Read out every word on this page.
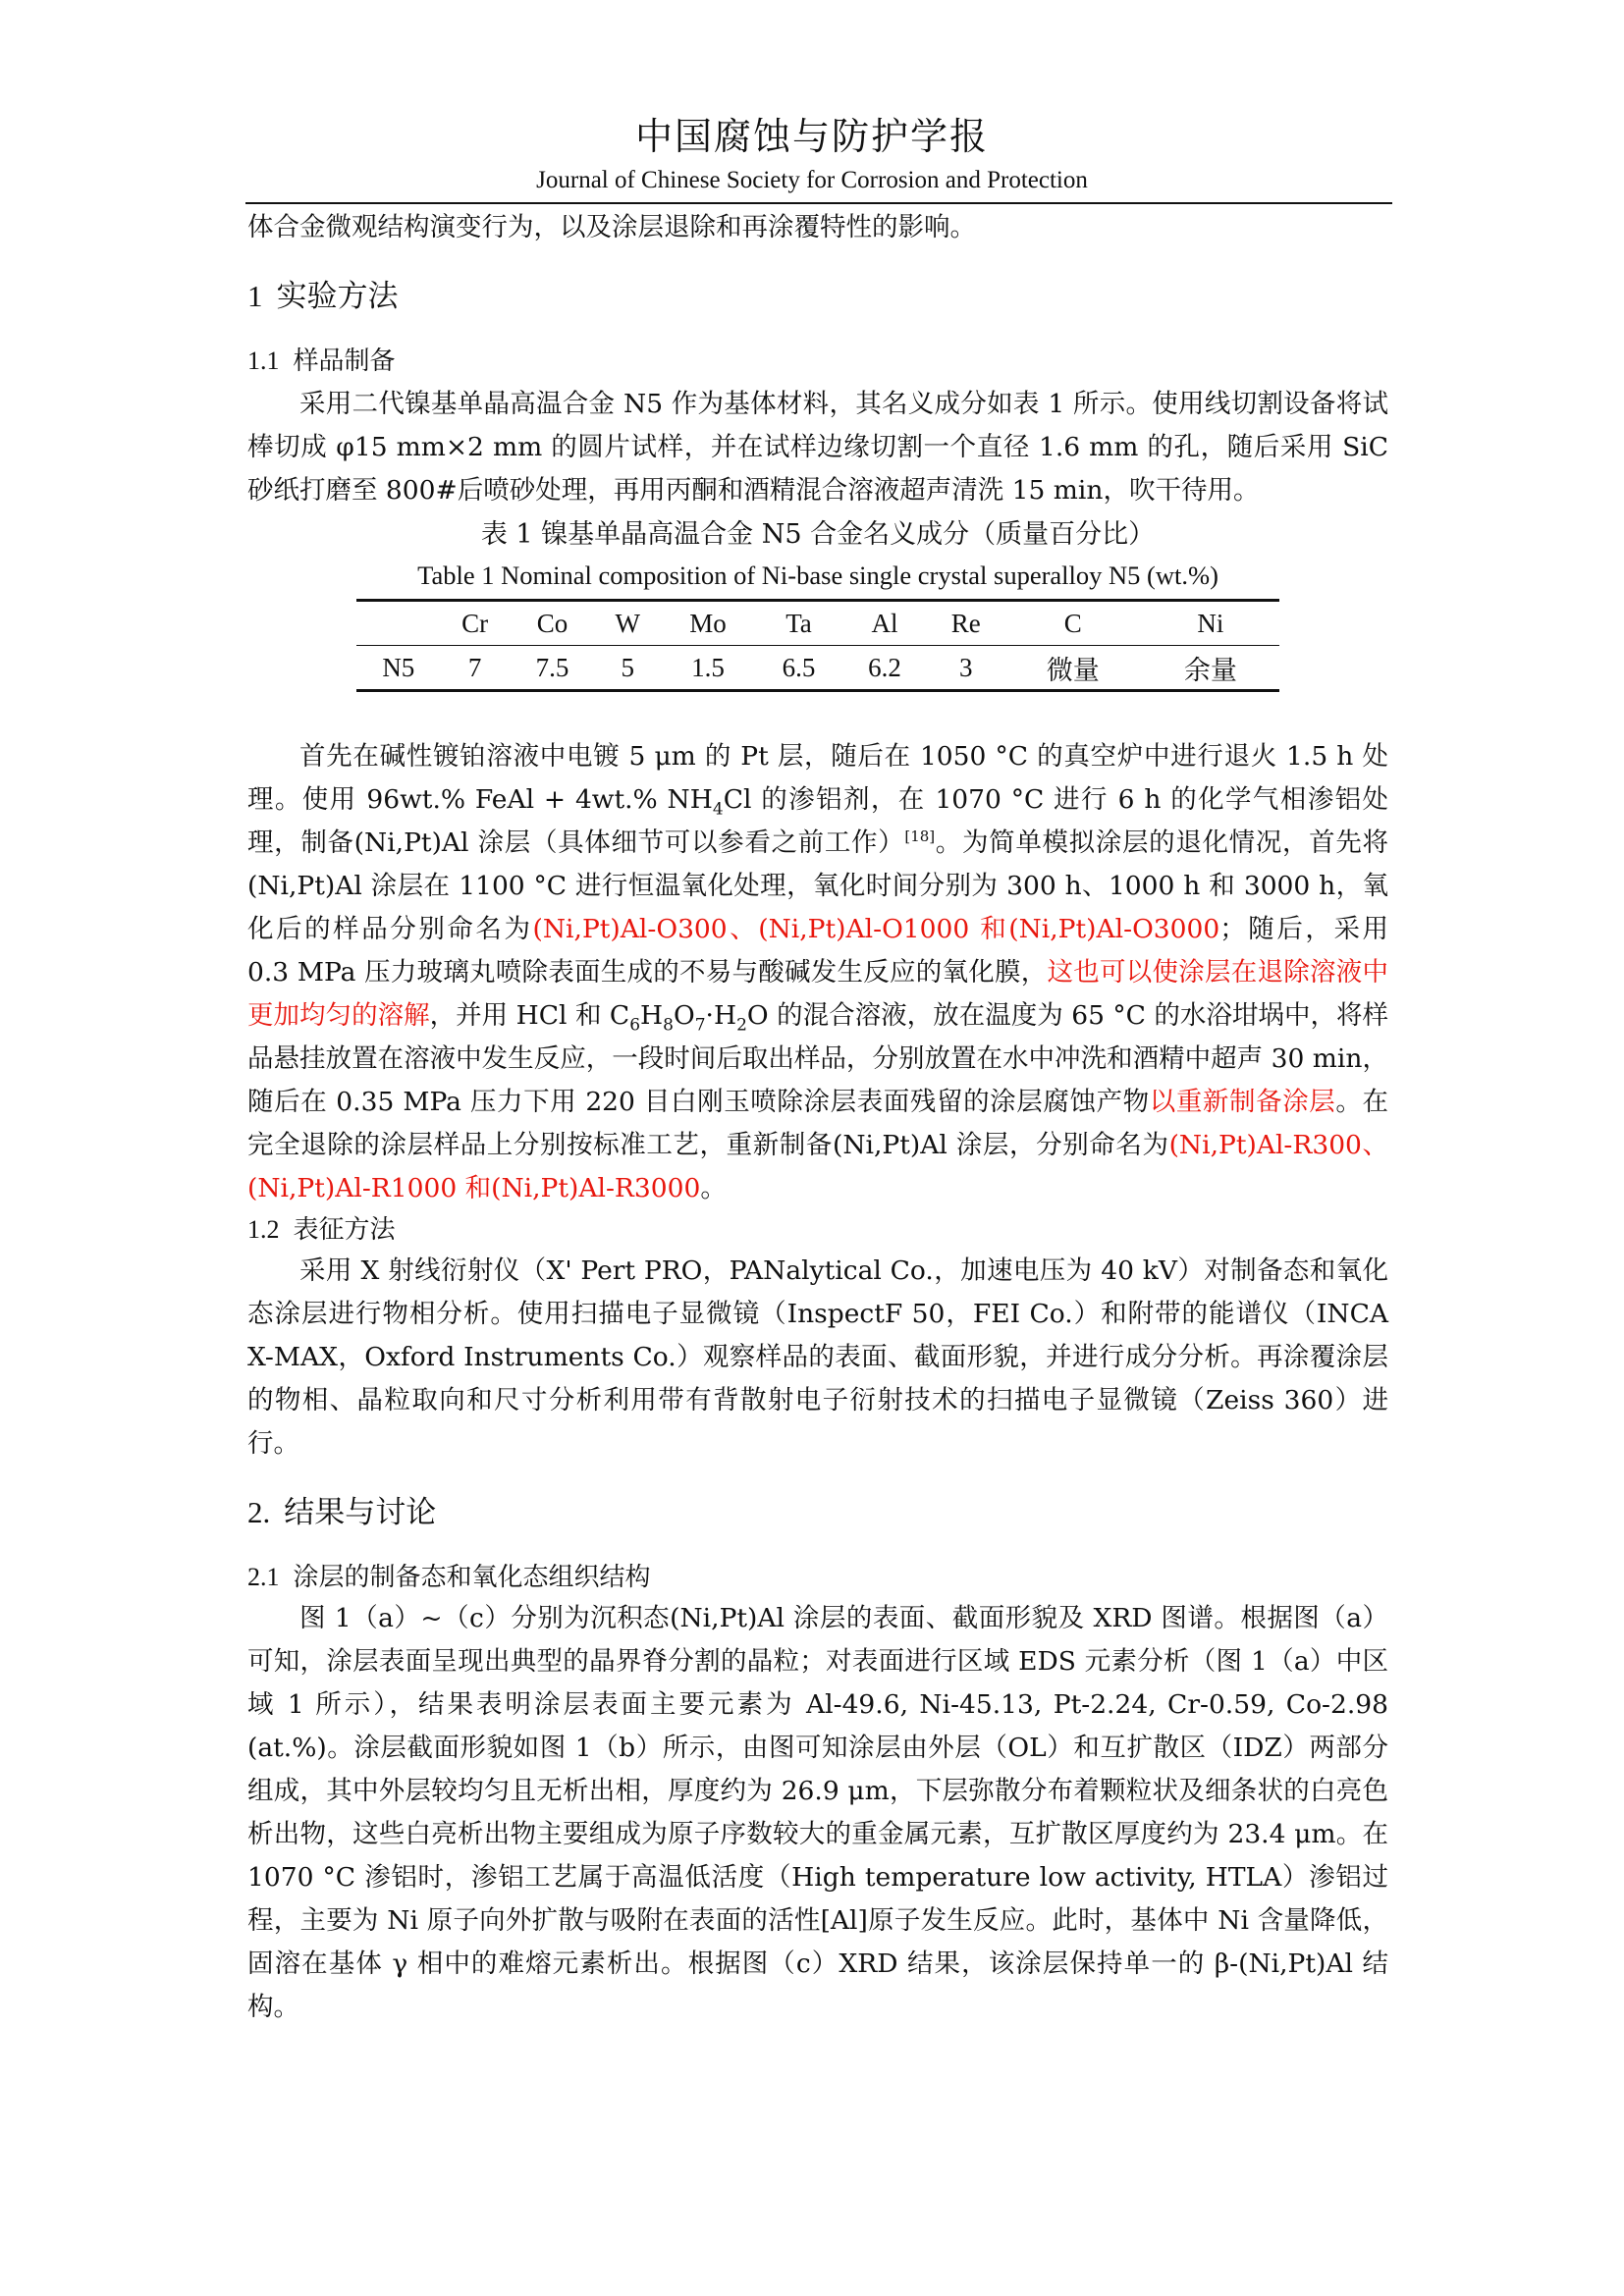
中国腐蚀与防护学报
Journal of Chinese Society for Corrosion and Protection

体合金微观结构演变行为，以及涂层退除和再涂覆特性的影响。

1 实验方法
1.1 样品制备

采用二代镍基单晶高温合金 N5 作为基体材料，其名义成分如表 1 所示。使用线切割设备将试棒切成 φ15 mm×2 mm 的圆片试样，并在试样边缘切割一个直径 1.6 mm 的孔，随后采用 SiC 砂纸打磨至 800#后喷砂处理，再用丙酮和酒精混合溶液超声清洗 15 min，吹干待用。

表 1 镍基单晶高温合金 N5 合金名义成分（质量百分比）
Table 1 Nominal composition of Ni-base single crystal superalloy N5 (wt.%)
	Cr	Co	W	Mo	Ta	Al	Re	C	Ni
N5	7	7.5	5	1.5	6.5	6.2	3	微量	余量

首先在碱性镀铂溶液中电镀 5 μm 的 Pt 层，随后在 1050 °C 的真空炉中进行退火 1.5 h 处理。使用 96wt.% FeAl + 4wt.% $NH_4Cl$ 的渗铝剂，在 1070 °C 进行 6 h 的化学气相渗铝处理，制备(Ni,Pt)Al 涂层（具体细节可以参看之前工作）[18]。为简单模拟涂层的退化情况，首先将(Ni,Pt)Al 涂层在 1100 °C 进行恒温氧化处理，氧化时间分别为 300 h、1000 h 和 3000 h，氧化后的样品分别命名为(Ni,Pt)Al-O300、(Ni,Pt)Al-O1000 和(Ni,Pt)Al-O3000；随后，采用 0.3 MPa 压力玻璃丸喷除表面生成的不易与酸碱发生反应的氧化膜，这也可以使涂层在退除溶液中更加均匀的溶解，并用 HCl 和 $C_6H_8O_7\cdot H_2O$ 的混合溶液，放在温度为 65 °C 的水浴坩埚中，将样品悬挂放置在溶液中发生反应，一段时间后取出样品，分别放置在水中冲洗和酒精中超声 30 min，随后在 0.35 MPa 压力下用 220 目白刚玉喷除涂层表面残留的涂层腐蚀产物以重新制备涂层。在完全退除的涂层样品上分别按标准工艺，重新制备(Ni,Pt)Al 涂层，分别命名为(Ni,Pt)Al-R300、(Ni,Pt)Al-R1000 和(Ni,Pt)Al-R3000。

1.2 表征方法

采用 X 射线衍射仪（X' Pert PRO，PANalytical Co.，加速电压为 40 kV）对制备态和氧化态涂层进行物相分析。使用扫描电子显微镜（InspectF 50，FEI Co.）和附带的能谱仪（INCA X-MAX，Oxford Instruments Co.）观察样品的表面、截面形貌，并进行成分分析。再涂覆涂层的物相、晶粒取向和尺寸分析利用带有背散射电子衍射技术的扫描电子显微镜（Zeiss 360）进行。

2. 结果与讨论
2.1 涂层的制备态和氧化态组织结构

图 1（a）~（c）分别为沉积态(Ni,Pt)Al 涂层的表面、截面形貌及 XRD 图谱。根据图（a）可知，涂层表面呈现出典型的晶界脊分割的晶粒；对表面进行区域 EDS 元素分析（图 1（a）中区域 1 所示），结果表明涂层表面主要元素为 Al-49.6, Ni-45.13, Pt-2.24, Cr-0.59, Co-2.98 (at.%)。涂层截面形貌如图 1（b）所示，由图可知涂层由外层（OL）和互扩散区（IDZ）两部分组成，其中外层较均匀且无析出相，厚度约为 26.9 μm，下层弥散分布着颗粒状及细条状的白亮色析出物，这些白亮析出物主要组成为原子序数较大的重金属元素，互扩散区厚度约为 23.4 μm。在 1070 °C 渗铝时，渗铝工艺属于高温低活度（High temperature low activity, HTLA）渗铝过程，主要为 Ni 原子向外扩散与吸附在表面的活性[Al]原子发生反应。此时，基体中 Ni 含量降低，固溶在基体 γ 相中的难熔元素析出。根据图（c）XRD 结果，该涂层保持单一的 β-(Ni,Pt)Al 结构。
